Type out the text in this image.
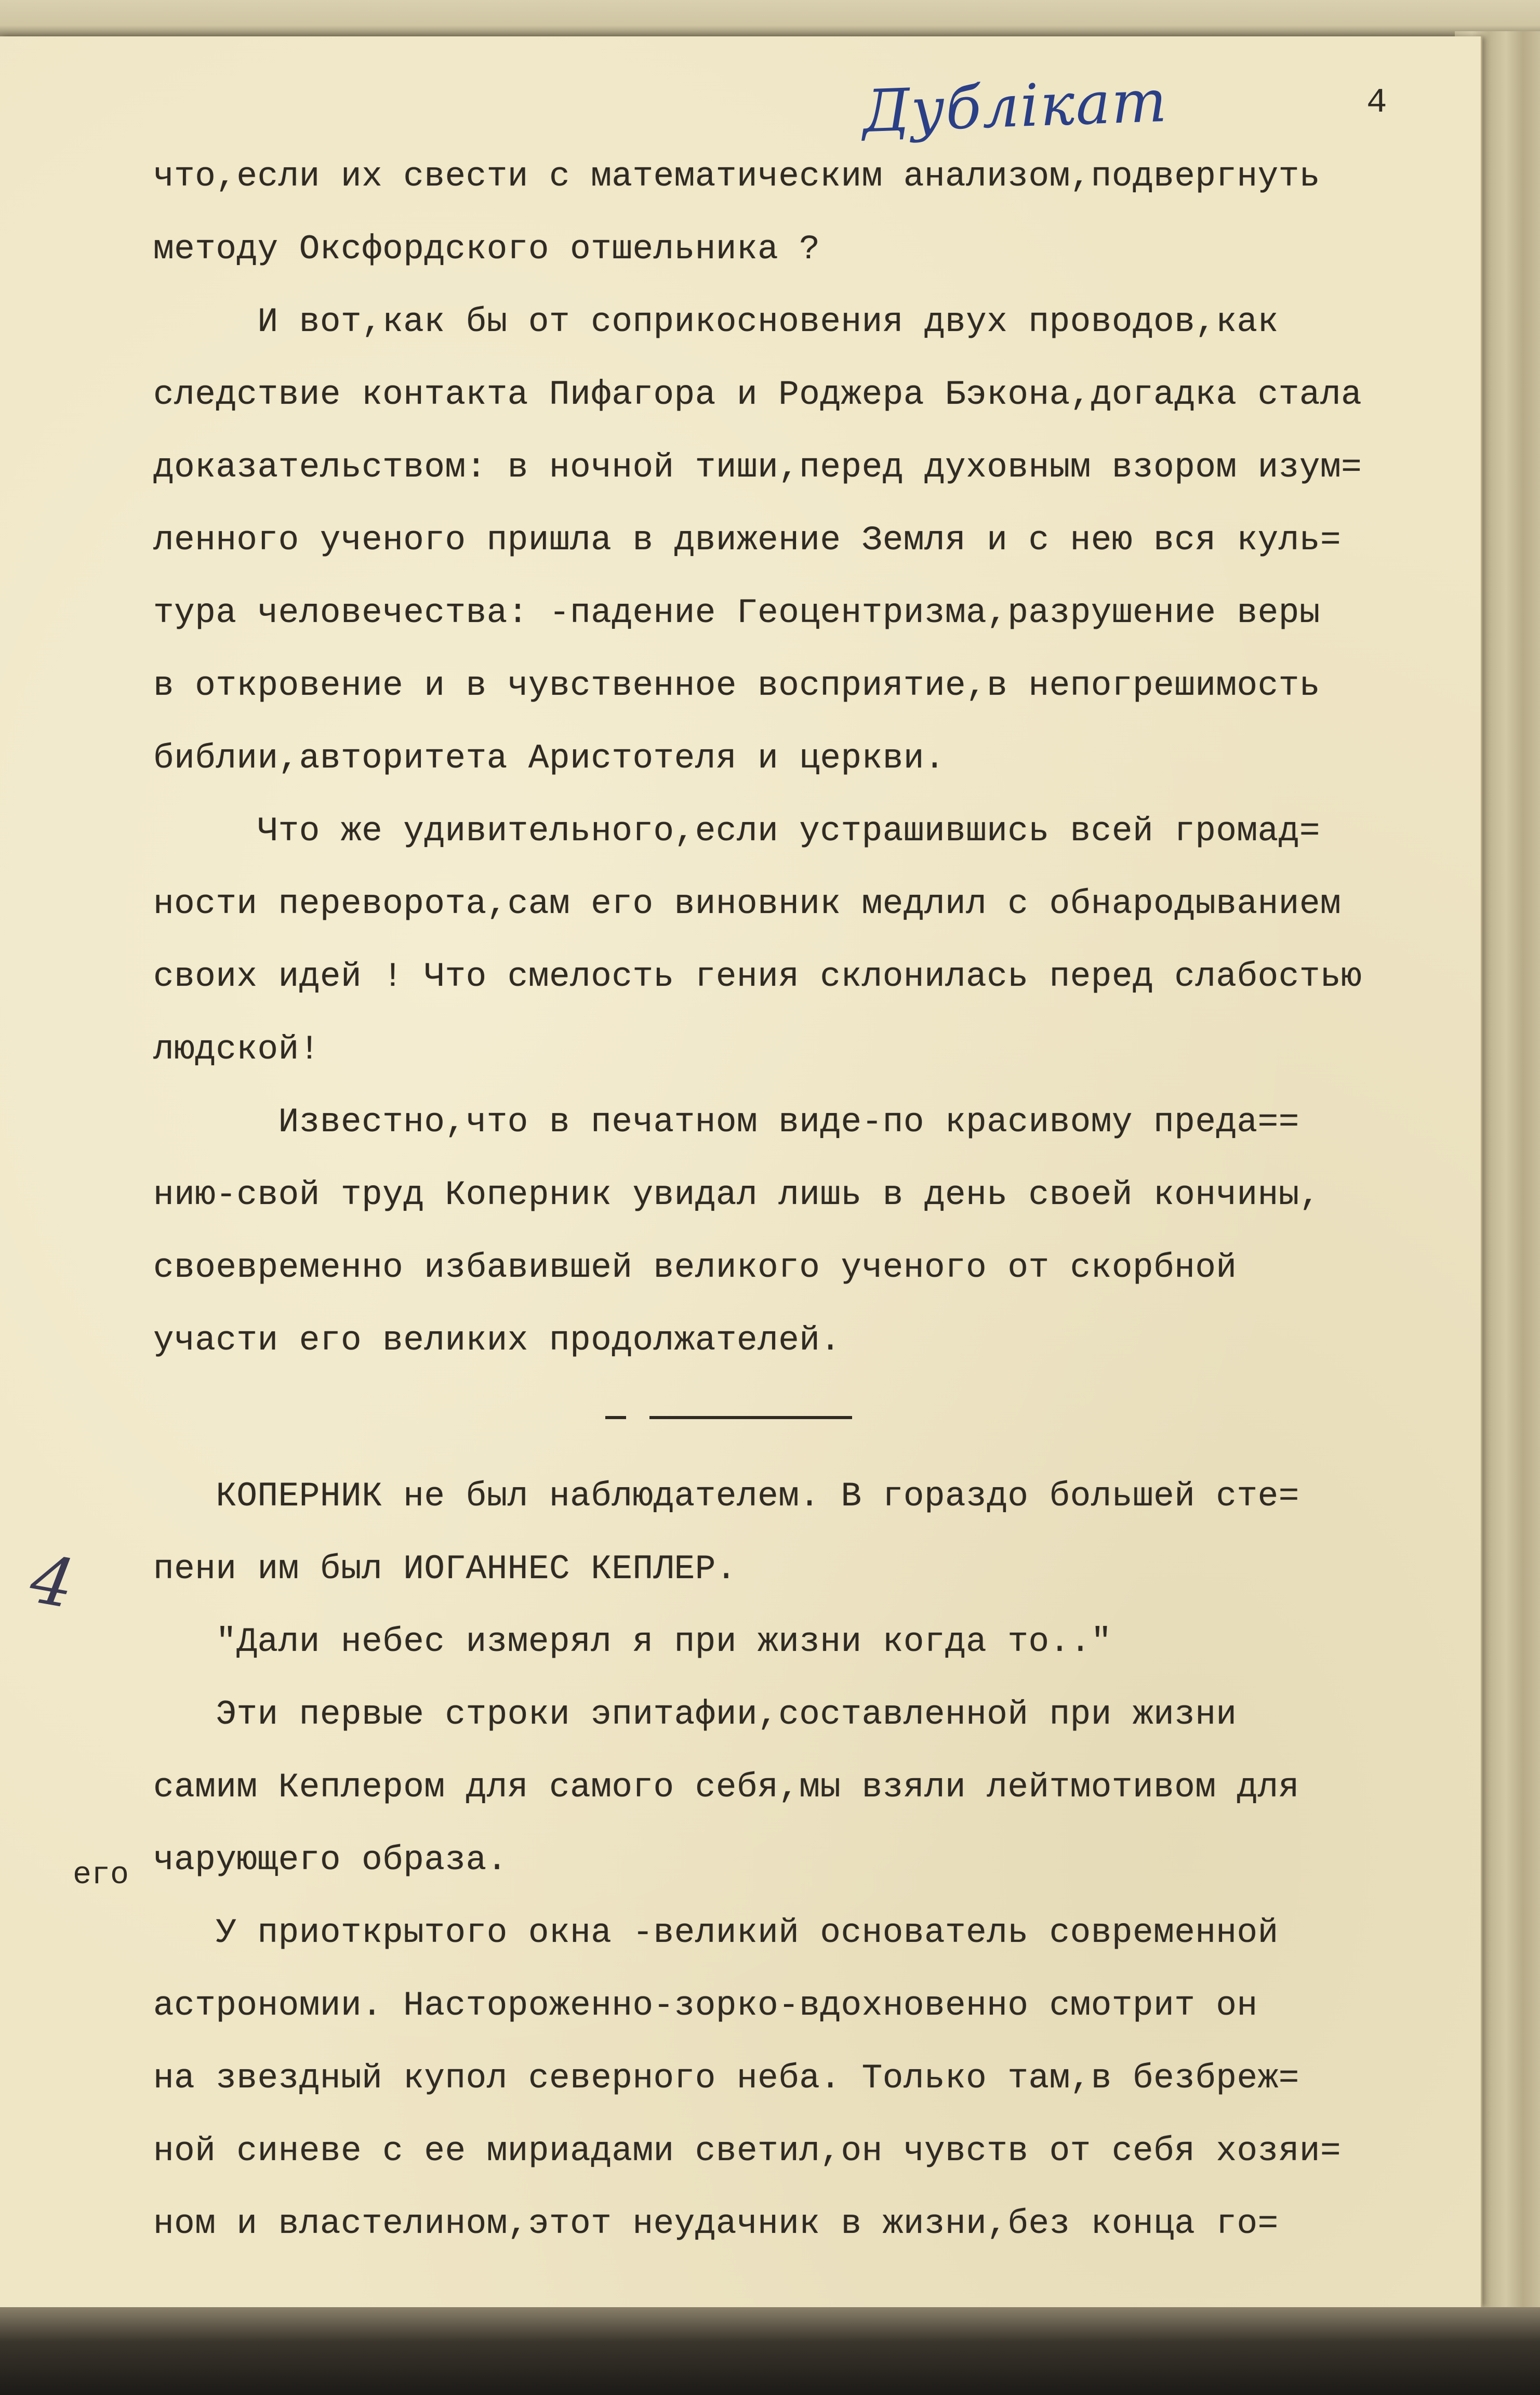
Дублікат	4
что,если их свести с математическим анализом,подвергнуть
методу Оксфордского отшельника ?
И вот,как бы от соприкосновения двух проводов,как
следствие контакта Пифагора и Роджера Бэкона,догадка стала
доказательством: в ночной тиши,перед духовным взором изум=
ленного ученого пришла в движение Земля и с нею вся куль=
тура человечества: -падение Геоцентризма,разрушение веры
в откровение и в чувственное восприятие,в непогрешимость
библии,авторитета Аристотеля и церкви.
Что же удивительного,если устрашившись всей громад=
ности переворота,сам его виновник медлил с обнародыванием
своих идей ! Что смелость гения склонилась перед слабостью
людской!
Известно,что в печатном виде-по красивому преда==
нию-свой труд Коперник увидал лишь в день своей кончины,
своевременно избавившей великого ученого от скорбной
участи его великих продолжателей.
КОПЕРНИК не был наблюдателем. В гораздо большей сте=
пени им был ИОГАННЕС КЕПЛЕР.
"Дали небес измерял я при жизни когда то.."
Эти первые строки эпитафии,составленной при жизни
самим Кеплером для самого себя,мы взяли лейтмотивом для
чарующего образа.
У приоткрытого окна -великий основатель современной
астрономии. Настороженно-зорко-вдохновенно смотрит он
на звездный купол северного неба. Только там,в безбреж=
ной синеве с ее мириадами светил,он чувств от себя хозяи=
ном и властелином,этот неудачник в жизни,без конца го=
4
его
